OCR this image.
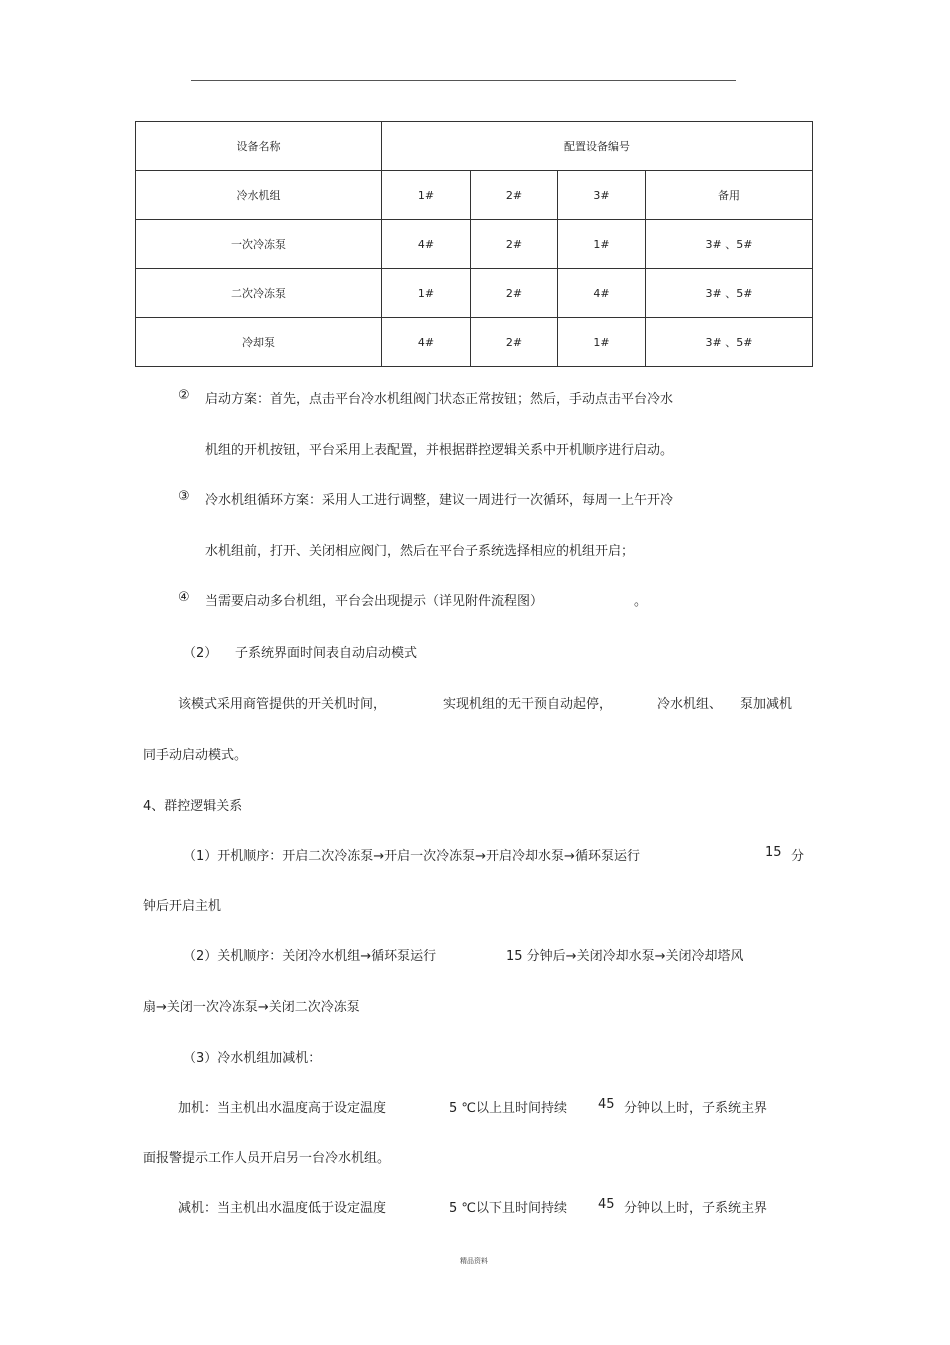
设备名称	配置设备编号			
冷水机组	1#	2#	3#	备用
一次冷冻泵	4#	2#	1#	3# 、5#
二次冷冻泵	1#	2#	4#	3# 、5#
冷却泵	4#	2#	1#	3# 、5#
② 启动方案：首先，点击平台冷水机组阀门状态正常按钮；然后，手动点击平台冷水
机组的开机按钮，平台采用上表配置，并根据群控逻辑关系中开机顺序进行启动。
③ 冷水机组循环方案：采用人工进行调整，建议一周进行一次循环，每周一上午开冷
水机组前，打开、关闭相应阀门，然后在平台子系统选择相应的机组开启；
④ 当需要启动多台机组，平台会出现提示（详见附件流程图）	。
（2） 子系统界面时间表自动启动模式
该模式采用商管提供的开关机时间，	实现机组的无干预自动起停，	冷水机组、 泵加减机
同手动启动模式。
4、群控逻辑关系
（1）开机顺序：开启二次冷冻泵→开启一次冷冻泵→开启冷却水泵→循环泵运行	15 分
钟后开启主机
（2）关机顺序：关闭冷水机组→循环泵运行	15 分钟后→关闭冷却水泵→关闭冷却塔风
扇→关闭一次冷冻泵→关闭二次冷冻泵
（3）冷水机组加减机：
加机：当主机出水温度高于设定温度	5 ℃以上且时间持续 45 分钟以上时，子系统主界
面报警提示工作人员开启另一台冷水机组。
减机：当主机出水温度低于设定温度	5 ℃以下且时间持续 45 分钟以上时，子系统主界
精品资料
